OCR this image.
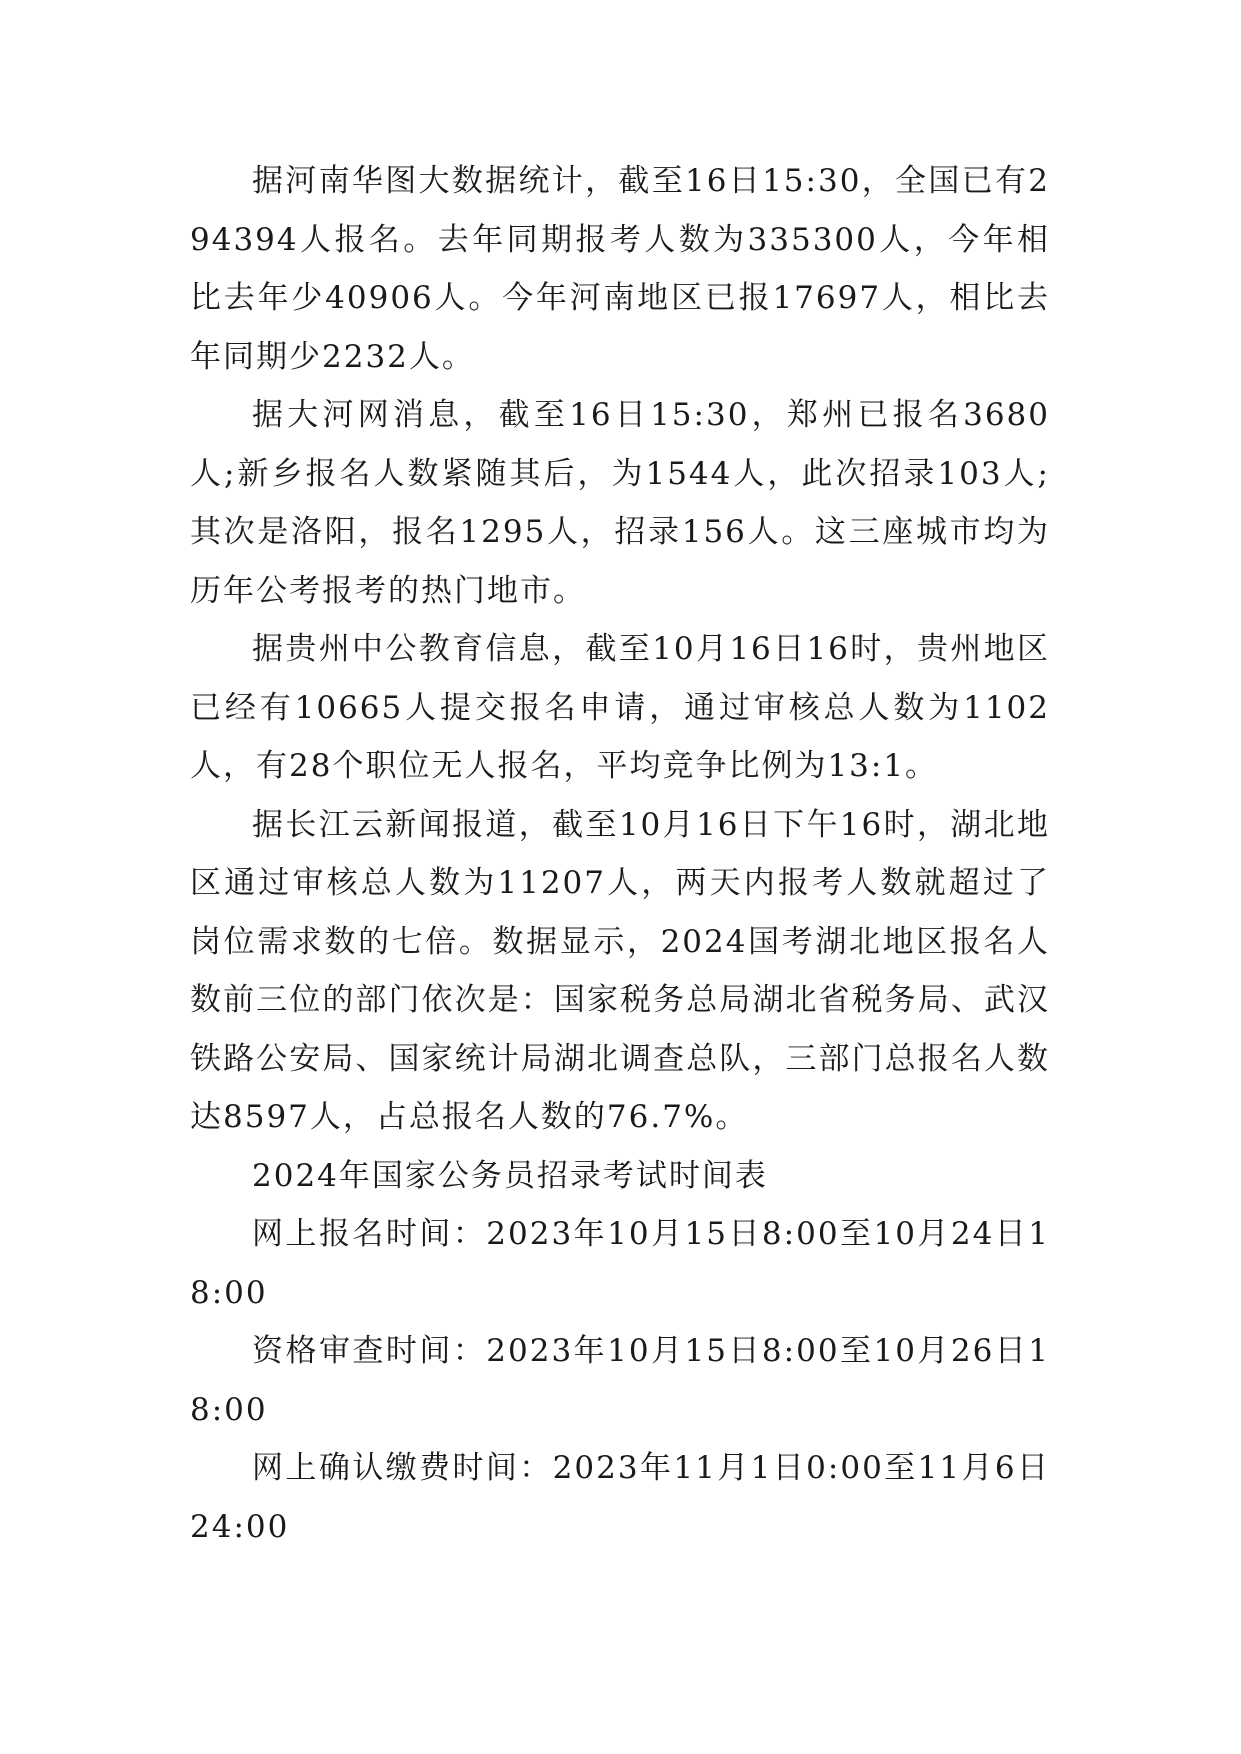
据河南华图大数据统计，截至16日15:30，全国已有294394人报名。去年同期报考人数为335300人，今年相比去年少40906人。今年河南地区已报17697人，相比去年同期少2232人。

据大河网消息，截至16日15:30，郑州已报名3680人;新乡报名人数紧随其后，为1544人，此次招录103人;其次是洛阳，报名1295人，招录156人。这三座城市均为历年公考报考的热门地市。

据贵州中公教育信息，截至10月16日16时，贵州地区已经有10665人提交报名申请，通过审核总人数为1102人，有28个职位无人报名，平均竞争比例为13:1。

据长江云新闻报道，截至10月16日下午16时，湖北地区通过审核总人数为11207人，两天内报考人数就超过了岗位需求数的七倍。数据显示，2024国考湖北地区报名人数前三位的部门依次是：国家税务总局湖北省税务局、武汉铁路公安局、国家统计局湖北调查总队，三部门总报名人数达8597人，占总报名人数的76.7%。

2024年国家公务员招录考试时间表

网上报名时间：2023年10月15日8:00至10月24日18:00

资格审查时间：2023年10月15日8:00至10月26日18:00

网上确认缴费时间：2023年11月1日0:00至11月6日24:00
